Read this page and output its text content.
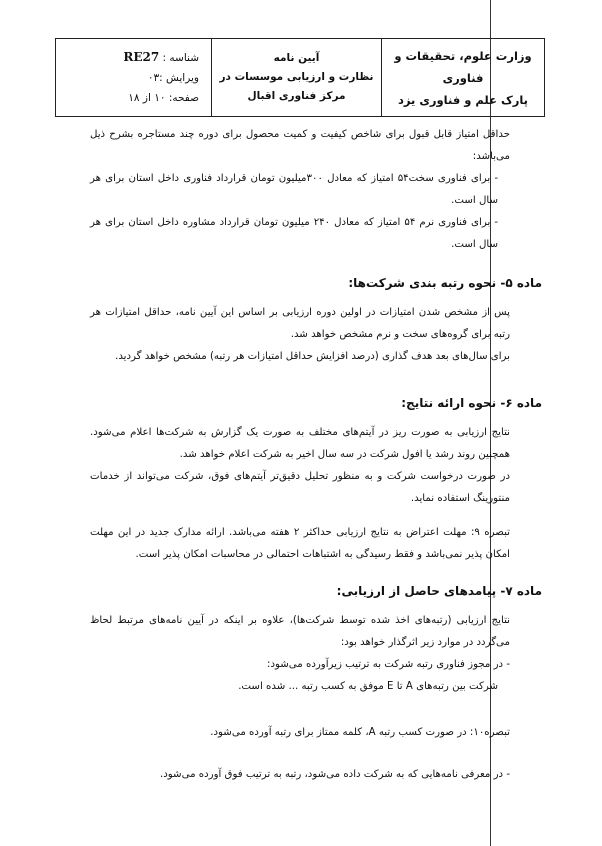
وزارت علوم، تحقیقات و فناوری
پارک علم و فناوری یزد
آیین نامه
نظارت و ارزیابی موسسات در
مرکز فناوری اقبال
شناسه : RE27
ویرایش :۰۳
صفحه: ۱۰ از ۱۸

حداقل امتیاز قابل قبول برای شاخص کیفیت و کمیت محصول برای دوره چند مستاجره بشرح ذیل می‌باشد:

- برای فناوری سخت۵۴ امتیاز که معادل ۳۰۰میلیون تومان قرارداد فناوری داخل استان برای هر سال است.

- برای فناوری نرم ۵۴ امتیاز که معادل ۲۴۰ میلیون تومان قرارداد مشاوره داخل استان برای هر سال است.

ماده ۵- نحوه رتبه بندی شرکت‌ها:

پس از مشخص شدن امتیازات در اولین دوره ارزیابی بر اساس این آیین نامه، حداقل امتیازات هر رتبه برای گروه‌های سخت و نرم مشخص خواهد شد.

برای سال‌های بعد هدف گذاری (درصد افزایش حداقل امتیازات هر رتبه) مشخص خواهد گردید.

ماده ۶- نحوه ارائه نتایج:

نتایج ارزیابی به صورت ریز در آیتم‌های مختلف به صورت یک گزارش به شرکت‌ها اعلام می‌شود. همچنین روند رشد یا افول شرکت در سه سال اخیر به شرکت اعلام خواهد شد.

در صورت درخواست شرکت و به منظور تحلیل دقیق‌تر آیتم‌های فوق، شرکت می‌تواند از خدمات منتورینگ استفاده نماید.

تبصره ۹: مهلت اعتراض به نتایج ارزیابی حداکثر ۲ هفته می‌باشد. ارائه مدارک جدید در این مهلت امکان پذیر نمی‌باشد و فقط رسیدگی به اشتباهات احتمالی در محاسبات امکان پذیر است.

ماده ۷- پیامدهای حاصل از ارزیابی:

نتایج ارزیابی (رتبه‌های اخذ شده توسط شرکت‌ها)، علاوه بر اینکه در آیین نامه‌های مرتبط لحاظ می‌گردد در موارد زیر اثرگذار خواهد بود:

- در مجوز فناوری رتبه شرکت به ترتیب زیرآورده می‌شود:

شرکت بین رتبه‌های A تا E موفق به کسب رتبه ... شده است.

تبصره۱۰: در صورت کسب رتبه A، کلمه ممتاز برای رتبه آورده می‌شود.

- در معرفی نامه‌هایی که به شرکت داده می‌شود، رتبه به ترتیب فوق آورده می‌شود.
